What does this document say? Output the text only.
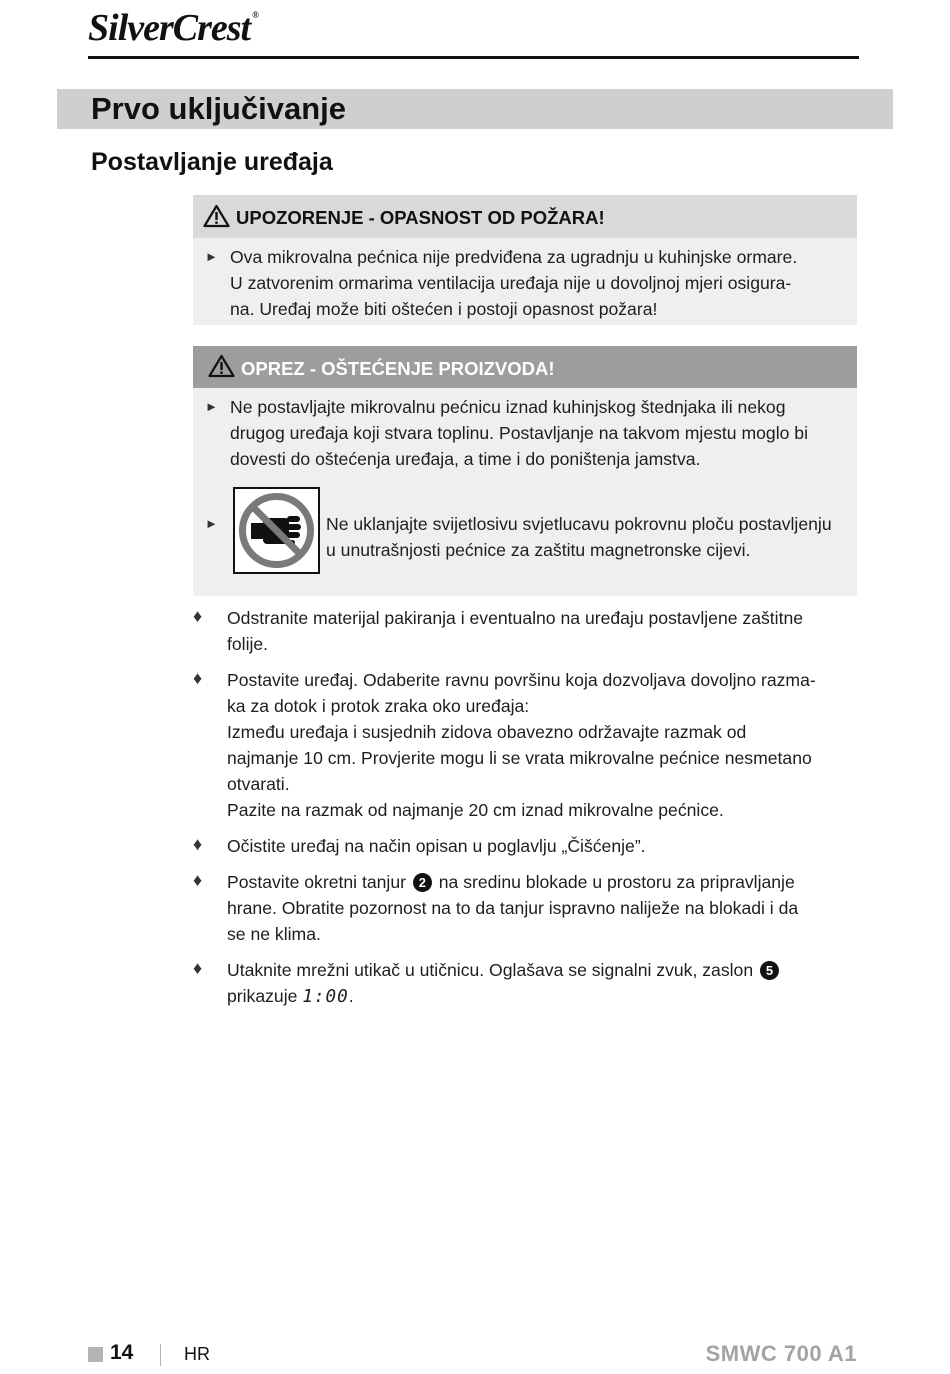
SilverCrest ®
Prvo uključivanje
Postavljanje uređaja
UPOZORENJE - OPASNOST OD POŽARA!
► Ova mikrovalna pećnica nije predviđena za ugradnju u kuhinjske ormare.
U zatvorenim ormarima ventilacija uređaja nije u dovoljnoj mjeri osigura-
na. Uređaj može biti oštećen i postoji opasnost požara!
OPREZ - OŠTEĆENJE PROIZVODA!
► Ne postavljajte mikrovalnu pećnicu iznad kuhinjskog štednjaka ili nekog
drugog uređaja koji stvara toplinu. Postavljanje na takvom mjestu moglo bi
dovesti do oštećenja uređaja, a time i do poništenja jamstva.
►	Ne uklanjajte svijetlosivu svjetlucavu pokrovnu ploču postavljenju
u unutrašnjosti pećnice za zaštitu magnetronske cijevi.
♦ Odstranite materijal pakiranja i eventualno na uređaju postavljene zaštitne
folije.
♦ Postavite uređaj. Odaberite ravnu površinu koja dozvoljava dovoljno razma-
ka za dotok i protok zraka oko uređaja:
Između uređaja i susjednih zidova obavezno održavajte razmak od
najmanje 10 cm. Provjerite mogu li se vrata mikrovalne pećnice nesmetano
otvarati.
Pazite na razmak od najmanje 20 cm iznad mikrovalne pećnice.
♦ Očistite uređaj na način opisan u poglavlju „Čišćenje”.
♦ Postavite okretni tanjur 2 na sredinu blokade u prostoru za pripravljanje
hrane. Obratite pozornost na to da tanjur ispravno naliježe na blokadi i da
se ne klima.
♦ Utaknite mrežni utikač u utičnicu. Oglašava se signalni zvuk, zaslon 5
prikazuje 1:00.
14	HR	SMWC 700 A1
